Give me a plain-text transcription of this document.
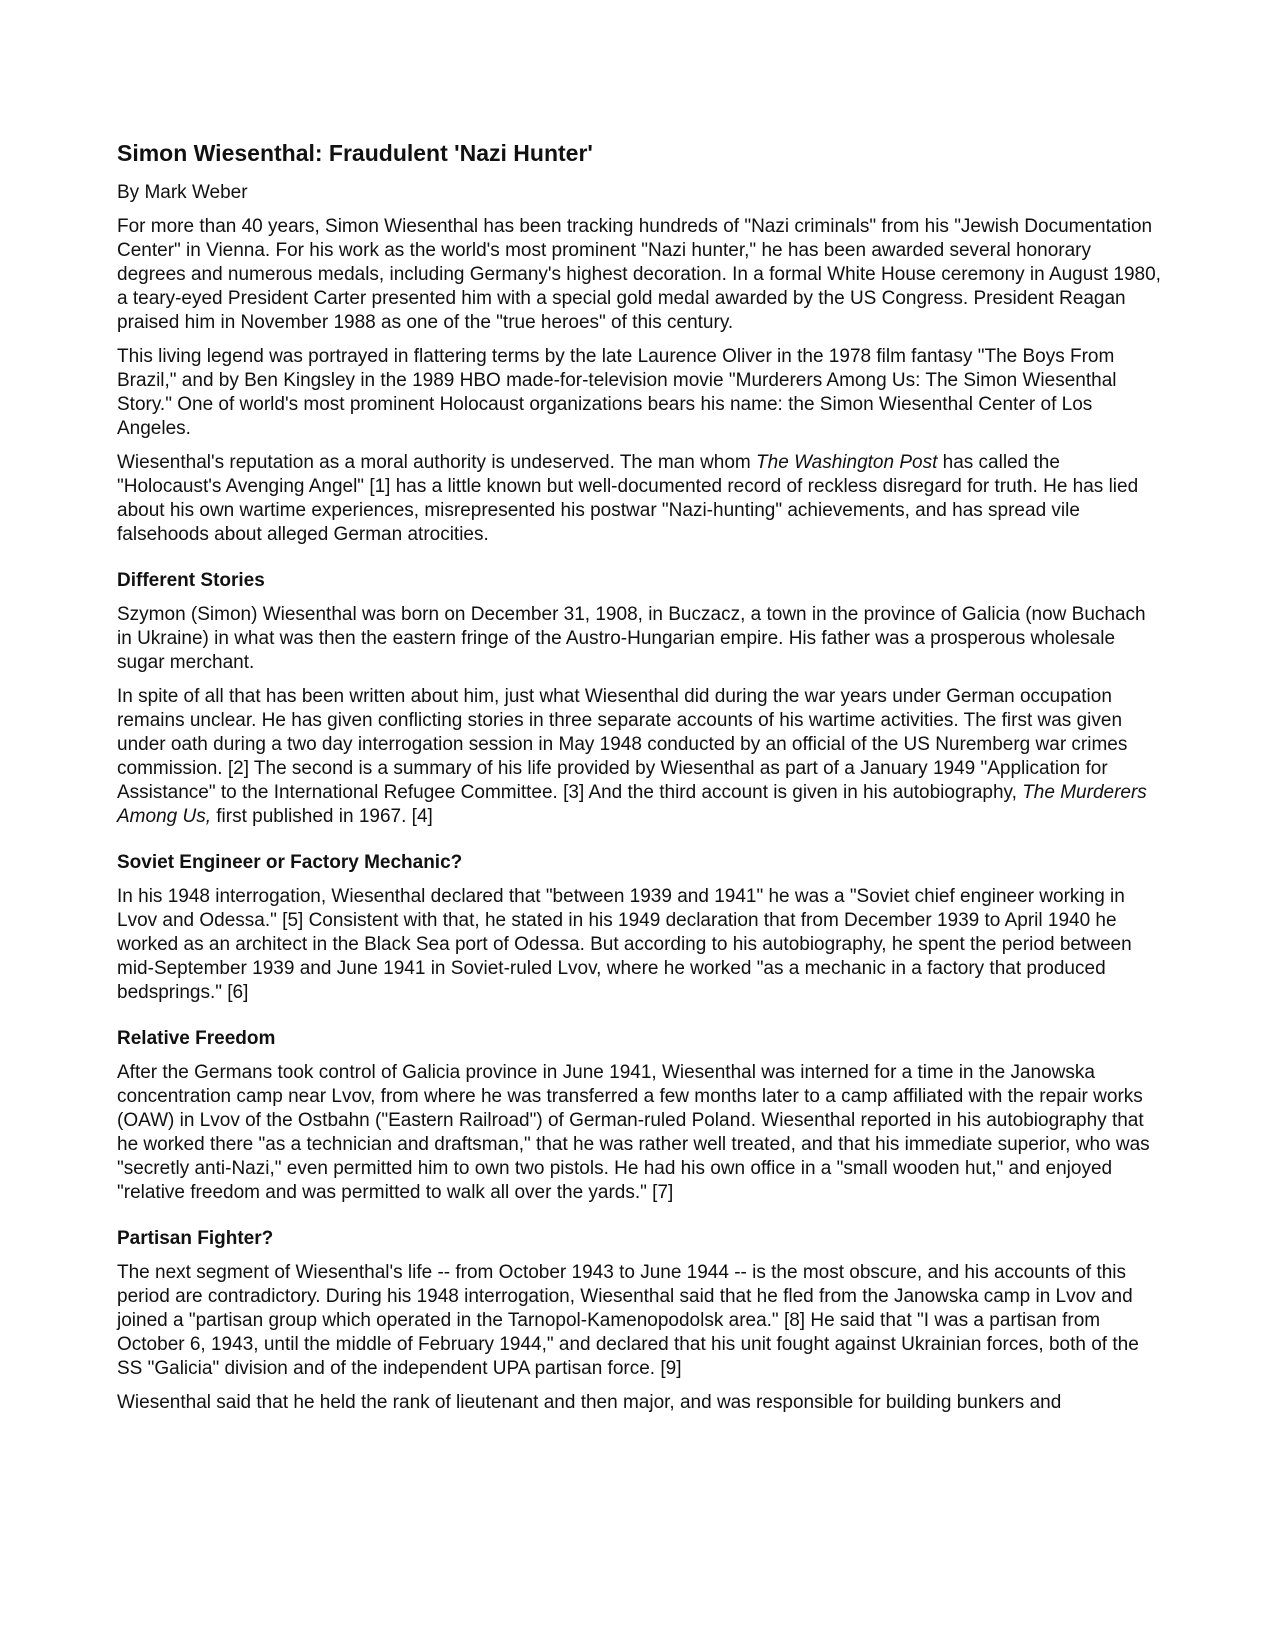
Simon Wiesenthal: Fraudulent 'Nazi Hunter'
By Mark Weber

For more than 40 years, Simon Wiesenthal has been tracking hundreds of "Nazi criminals" from his "Jewish Documentation Center" in Vienna. For his work as the world's most prominent "Nazi hunter," he has been awarded several honorary degrees and numerous medals, including Germany's highest decoration. In a formal White House ceremony in August 1980, a teary-eyed President Carter presented him with a special gold medal awarded by the US Congress. President Reagan praised him in November 1988 as one of the "true heroes" of this century.

This living legend was portrayed in flattering terms by the late Laurence Oliver in the 1978 film fantasy "The Boys From Brazil," and by Ben Kingsley in the 1989 HBO made-for-television movie "Murderers Among Us: The Simon Wiesenthal Story." One of world's most prominent Holocaust organizations bears his name: the Simon Wiesenthal Center of Los Angeles.

Wiesenthal's reputation as a moral authority is undeserved. The man whom The Washington Post has called the "Holocaust's Avenging Angel" [1] has a little known but well-documented record of reckless disregard for truth. He has lied about his own wartime experiences, misrepresented his postwar "Nazi-hunting" achievements, and has spread vile falsehoods about alleged German atrocities.

Different Stories

Szymon (Simon) Wiesenthal was born on December 31, 1908, in Buczacz, a town in the province of Galicia (now Buchach in Ukraine) in what was then the eastern fringe of the Austro-Hungarian empire. His father was a prosperous wholesale sugar merchant.

In spite of all that has been written about him, just what Wiesenthal did during the war years under German occupation remains unclear. He has given conflicting stories in three separate accounts of his wartime activities. The first was given under oath during a two day interrogation session in May 1948 conducted by an official of the US Nuremberg war crimes commission. [2] The second is a summary of his life provided by Wiesenthal as part of a January 1949 "Application for Assistance" to the International Refugee Committee. [3] And the third account is given in his autobiography, The Murderers Among Us, first published in 1967. [4]

Soviet Engineer or Factory Mechanic?

In his 1948 interrogation, Wiesenthal declared that "between 1939 and 1941" he was a "Soviet chief engineer working in Lvov and Odessa." [5] Consistent with that, he stated in his 1949 declaration that from December 1939 to April 1940 he worked as an architect in the Black Sea port of Odessa. But according to his autobiography, he spent the period between mid-September 1939 and June 1941 in Soviet-ruled Lvov, where he worked "as a mechanic in a factory that produced bedsprings." [6]

Relative Freedom

After the Germans took control of Galicia province in June 1941, Wiesenthal was interned for a time in the Janowska concentration camp near Lvov, from where he was transferred a few months later to a camp affiliated with the repair works (OAW) in Lvov of the Ostbahn ("Eastern Railroad") of German-ruled Poland. Wiesenthal reported in his autobiography that he worked there "as a technician and draftsman," that he was rather well treated, and that his immediate superior, who was "secretly anti-Nazi," even permitted him to own two pistols. He had his own office in a "small wooden hut," and enjoyed "relative freedom and was permitted to walk all over the yards." [7]

Partisan Fighter?

The next segment of Wiesenthal's life -- from October 1943 to June 1944 -- is the most obscure, and his accounts of this period are contradictory. During his 1948 interrogation, Wiesenthal said that he fled from the Janowska camp in Lvov and joined a "partisan group which operated in the Tarnopol-Kamenopodolsk area." [8] He said that "I was a partisan from October 6, 1943, until the middle of February 1944," and declared that his unit fought against Ukrainian forces, both of the SS "Galicia" division and of the independent UPA partisan force. [9]

Wiesenthal said that he held the rank of lieutenant and then major, and was responsible for building bunkers and
